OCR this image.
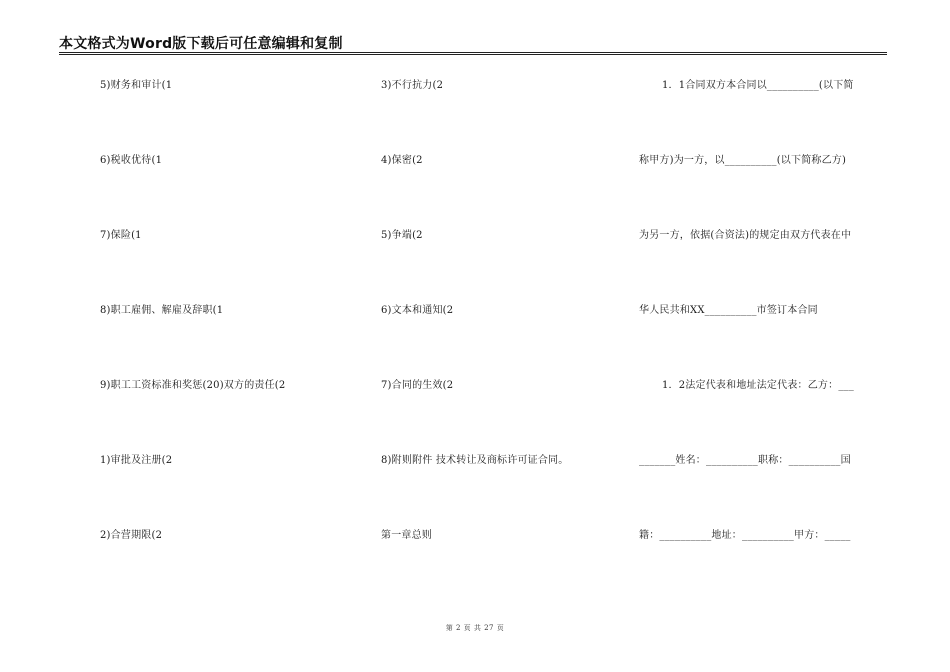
本文格式为Word版下载后可任意编辑和复制
5)财务和审计(1
6)税收优待(1
7)保险(1
8)职工雇佣、解雇及辞职(1
9)职工工资标准和奖惩(20)双方的责任(2
1)审批及注册(2
2)合营期限(2
3)不行抗力(2
4)保密(2
5)争端(2
6)文本和通知(2
7)合同的生效(2
8)附则附件 技术转让及商标许可证合同。
第一章总则
1．1合同双方本合同以__________(以下简
称甲方)为一方，以__________(以下简称乙方)
为另一方，依据(合资法)的规定由双方代表在中
华人民共和XX__________市签订本合同
1．2法定代表和地址法定代表：乙方：___
_______姓名：__________职称：__________国
籍：__________地址：__________甲方：_____
第 2 页 共 27 页
